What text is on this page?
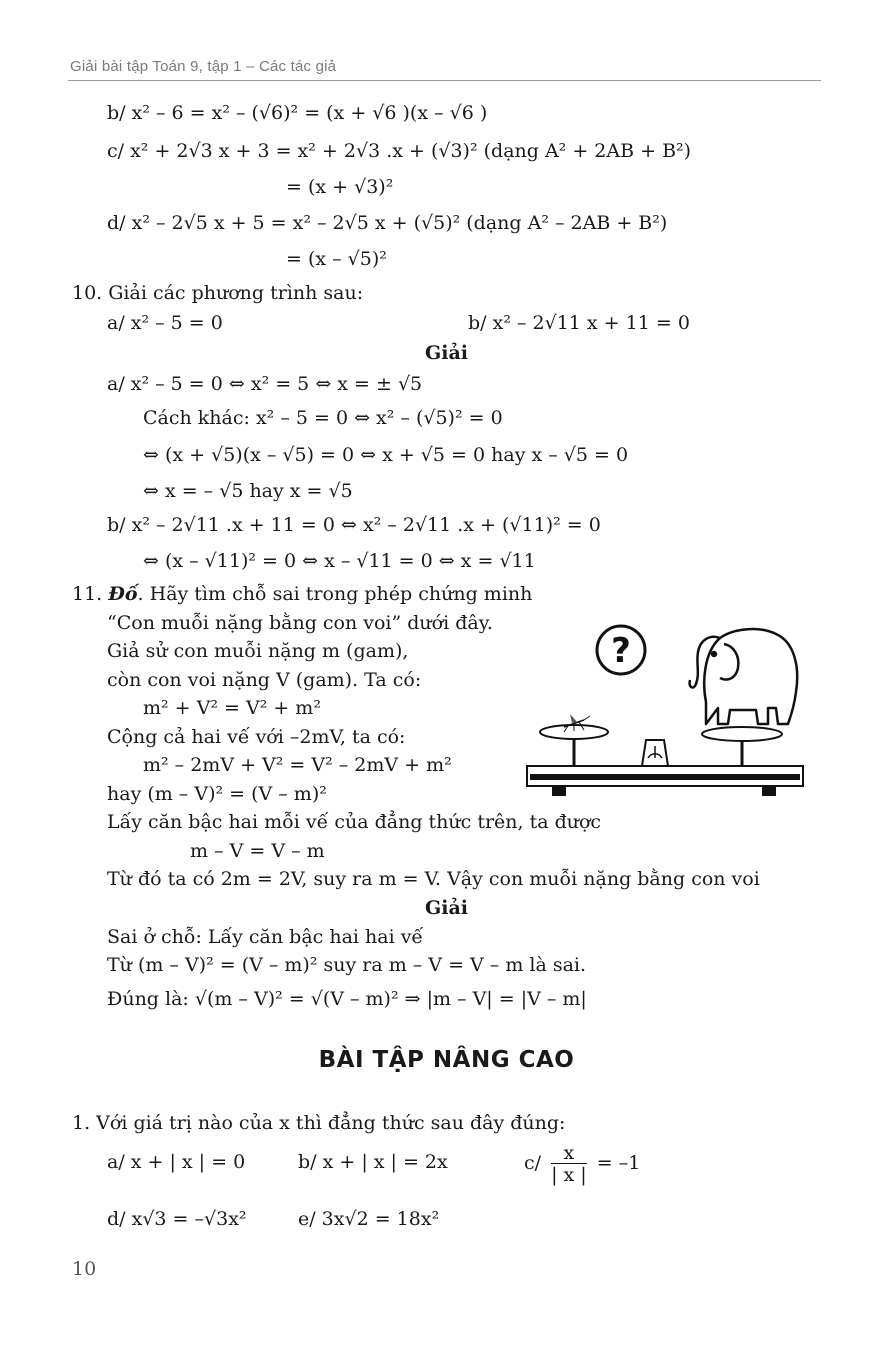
Giải bài tập Toán 9, tập 1 – Các tác giả
b/ x² – 6 = x² – (√6)² = (x + √6 )(x – √6 )
c/ x² + 2√3 x + 3 = x² + 2√3 .x + (√3)² (dạng A² + 2AB + B²)
= (x + √3)²
d/ x² – 2√5 x + 5 = x² – 2√5 x + (√5)² (dạng A² – 2AB + B²)
= (x – √5)²
10. Giải các phương trình sau:
a/ x² – 5 = 0	b/ x² – 2√11 x + 11 = 0
Giải
a/ x² – 5 = 0 ⇔ x² = 5 ⇔ x = ± √5
Cách khác: x² – 5 = 0 ⇔ x² – (√5)² = 0
⇔ (x + √5)(x – √5) = 0 ⇔ x + √5 = 0 hay x – √5 = 0
⇔ x = – √5 hay x = √5
b/ x² – 2√11 .x + 11 = 0 ⇔ x² – 2√11 .x + (√11)² = 0
⇔ (x – √11)² = 0 ⇔ x – √11 = 0 ⇔ x = √11
11. Đố. Hãy tìm chỗ sai trong phép chứng minh
“Con muỗi nặng bằng con voi” dưới đây.
Giả sử con muỗi nặng m (gam),
còn con voi nặng V (gam). Ta có:
m² + V² = V² + m²
Cộng cả hai vế với –2mV, ta có:
m² – 2mV + V² = V² – 2mV + m²
hay (m – V)² = (V – m)²
Lấy căn bậc hai mỗi vế của đẳng thức trên, ta được
m – V = V – m
Từ đó ta có 2m = 2V, suy ra m = V. Vậy con muỗi nặng bằng con voi
Giải
Sai ở chỗ: Lấy căn bậc hai hai vế
Từ (m – V)² = (V – m)² suy ra m – V = V – m là sai.
Đúng là: √(m – V)² = √(V – m)² ⇒ |m – V| = |V – m|
?
BÀI TẬP NÂNG CAO
1. Với giá trị nào của x thì đẳng thức sau đây đúng:
a/ x + | x | = 0	b/ x + | x | = 2x	$c/ \frac{x}{| x |} = -1$
d/ x√3 = –√3x²	e/ 3x√2 = 18x²
10
